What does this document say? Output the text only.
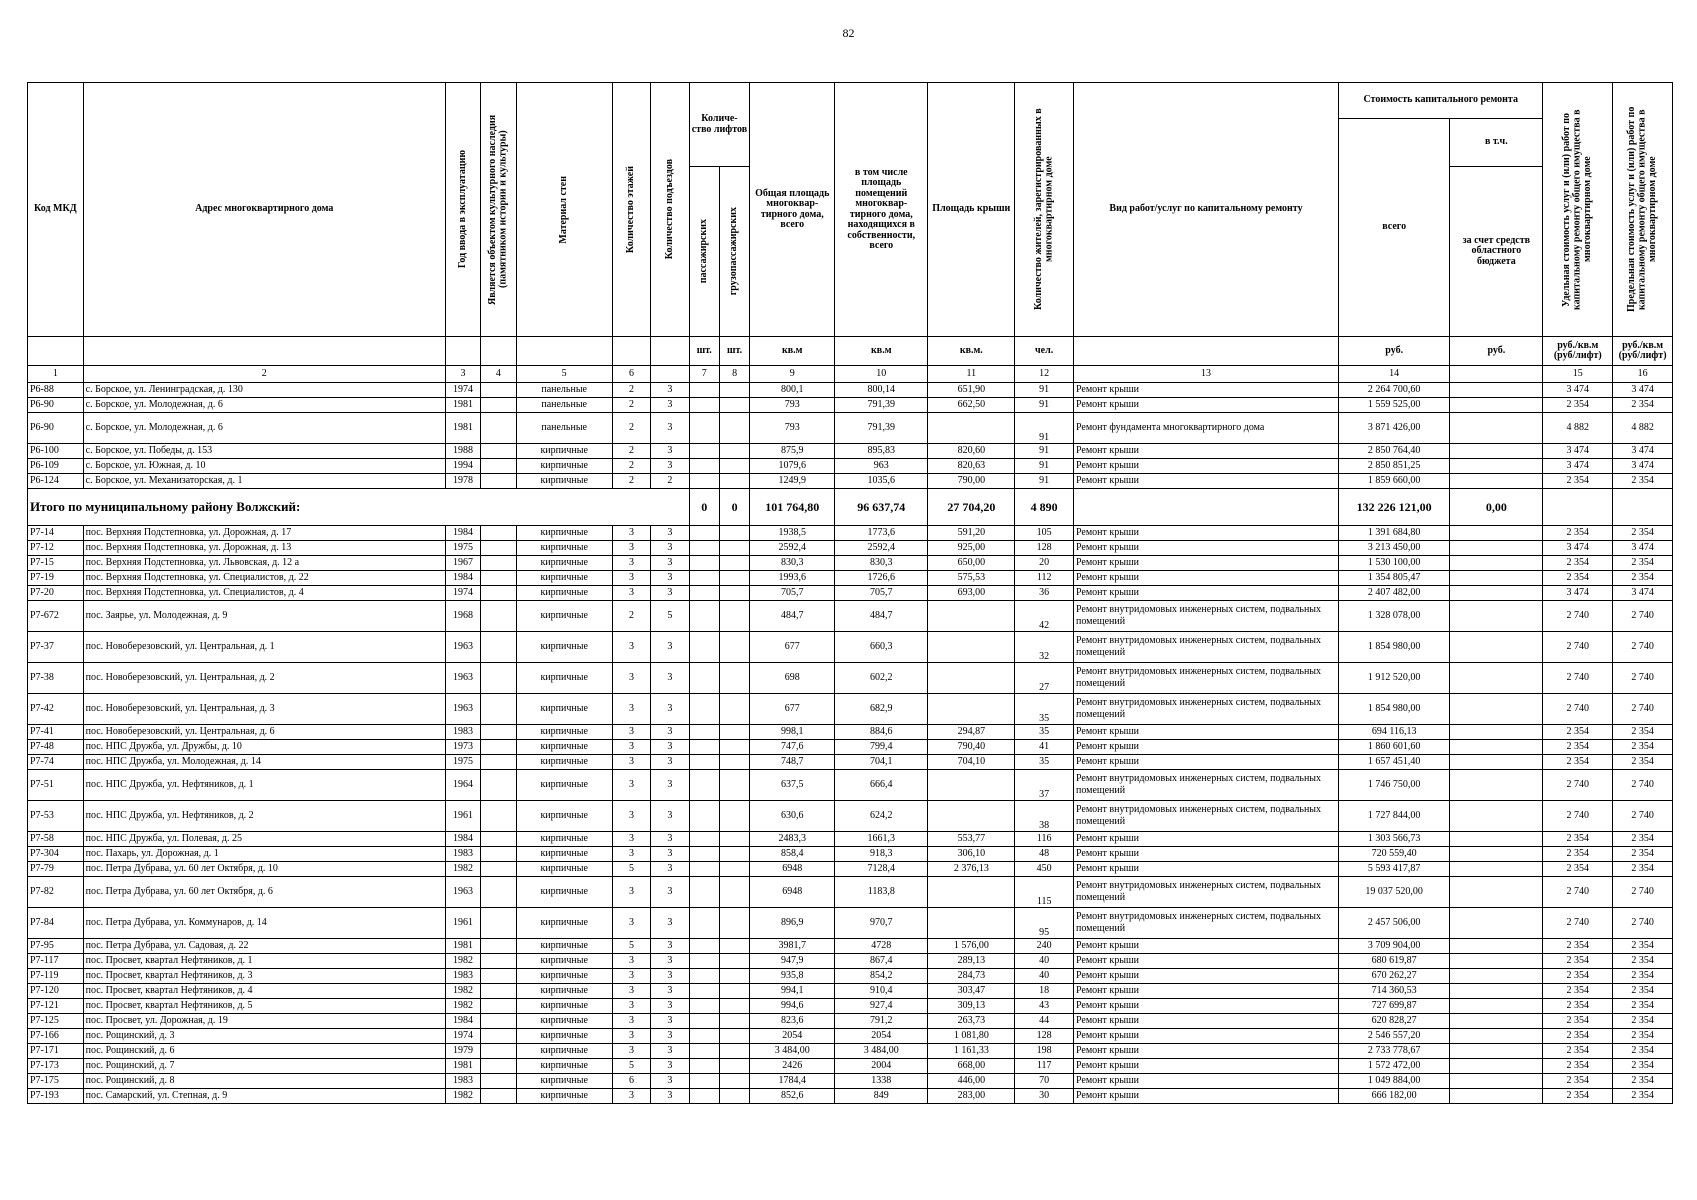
82
Код МКД	Адрес многоквартирного дома	Год ввода в эксплуатацию	Является объектом культурного наследия (памятником истории и культуры)	Материал стен	Количество этажей	Количество подъездов	Количе-ство лифтов		Общая площадь многоквар-тирного дома, всего	в том числе площадь помещений многоквар-тирного дома, находящихся в собственности, всего	Площадь крыши	Количество жителей, зарегистрированных в многоквартирном доме	Вид работ/услуг по капитальному ремонту	Стоимость капитального ремонта		Удельная стоимость услуг и (или) работ по капитальному ремонту общего имущества в многоквартирном доме	Предельная стоимость услуг и (или) работ по капитальному ремонту общего имущества в многоквартирном доме

														всего	в т.ч.		

							пассажирских	грузопассажирских							за счет средств областного бюджета		
							шт.	шт.	кв.м	кв.м	кв.м.	чел.		руб.	руб.	руб./кв.м (руб/лифт)	руб./кв.м (руб/лифт)
1	2	3	4	5	6		7	8	9	10	11	12	13	14		15	16
Р6-88	с. Борское, ул. Ленинградская, д. 130	1974		панельные	2	3			800,1	800,14	651,90	91	Ремонт крыши	2 264 700,60		3 474	3 474
Р6-90	с. Борское, ул. Молодежная, д. 6	1981		панельные	2	3			793	791,39	662,50	91	Ремонт крыши	1 559 525,00		2 354	2 354
Р6-90	с. Борское, ул. Молодежная, д. 6	1981		панельные	2	3			793	791,39		91	Ремонт фундамента многоквартирного дома	3 871 426,00		4 882	4 882
Р6-100	с. Борское, ул. Победы, д. 153	1988		кирпичные	2	3			875,9	895,83	820,60	91	Ремонт крыши	2 850 764,40		3 474	3 474
Р6-109	с. Борское, ул. Южная, д. 10	1994		кирпичные	2	3			1079,6	963	820,63	91	Ремонт крыши	2 850 851,25		3 474	3 474
Р6-124	с. Борское, ул. Механизаторская, д. 1	1978		кирпичные	2	2			1249,9	1035,6	790,00	91	Ремонт крыши	1 859 660,00		2 354	2 354
Итого по муниципальному району Волжский:							0	0	101 764,80	96 637,74	27 704,20	4 890		132 226 121,00	0,00		
Р7-14	пос. Верхняя Подстепновка, ул. Дорожная, д. 17	1984		кирпичные	3	3			1938,5	1773,6	591,20	105	Ремонт крыши	1 391 684,80		2 354	2 354
Р7-12	пос. Верхняя Подстепновка, ул. Дорожная, д. 13	1975		кирпичные	3	3			2592,4	2592,4	925,00	128	Ремонт крыши	3 213 450,00		3 474	3 474
Р7-15	пос. Верхняя Подстепновка, ул. Львовская, д. 12 а	1967		кирпичные	3	3			830,3	830,3	650,00	20	Ремонт крыши	1 530 100,00		2 354	2 354
Р7-19	пос. Верхняя Подстепновка, ул. Специалистов, д. 22	1984		кирпичные	3	3			1993,6	1726,6	575,53	112	Ремонт крыши	1 354 805,47		2 354	2 354
Р7-20	пос. Верхняя Подстепновка, ул. Специалистов, д. 4	1974		кирпичные	3	3			705,7	705,7	693,00	36	Ремонт крыши	2 407 482,00		3 474	3 474
Р7-672	пос. Заярье, ул. Молодежная, д. 9	1968		кирпичные	2	5			484,7	484,7		42	Ремонт внутридомовых инженерных систем, подвальных помещений	1 328 078,00		2 740	2 740
Р7-37	пос. Новоберезовский, ул. Центральная, д. 1	1963		кирпичные	3	3			677	660,3		32	Ремонт внутридомовых инженерных систем, подвальных помещений	1 854 980,00		2 740	2 740
Р7-38	пос. Новоберезовский, ул. Центральная, д. 2	1963		кирпичные	3	3			698	602,2		27	Ремонт внутридомовых инженерных систем, подвальных помещений	1 912 520,00		2 740	2 740
Р7-42	пос. Новоберезовский, ул. Центральная, д. 3	1963		кирпичные	3	3			677	682,9		35	Ремонт внутридомовых инженерных систем, подвальных помещений	1 854 980,00		2 740	2 740
Р7-41	пос. Новоберезовский, ул. Центральная, д. 6	1983		кирпичные	3	3			998,1	884,6	294,87	35	Ремонт крыши	694 116,13		2 354	2 354
Р7-48	пос. НПС Дружба, ул. Дружбы, д. 10	1973		кирпичные	3	3			747,6	799,4	790,40	41	Ремонт крыши	1 860 601,60		2 354	2 354
Р7-74	пос. НПС Дружба, ул. Молодежная, д. 14	1975		кирпичные	3	3			748,7	704,1	704,10	35	Ремонт крыши	1 657 451,40		2 354	2 354
Р7-51	пос. НПС Дружба, ул. Нефтяников, д. 1	1964		кирпичные	3	3			637,5	666,4		37	Ремонт внутридомовых инженерных систем, подвальных помещений	1 746 750,00		2 740	2 740
Р7-53	пос. НПС Дружба, ул. Нефтяников, д. 2	1961		кирпичные	3	3			630,6	624,2		38	Ремонт внутридомовых инженерных систем, подвальных помещений	1 727 844,00		2 740	2 740
Р7-58	пос. НПС Дружба, ул. Полевая, д. 25	1984		кирпичные	3	3			2483,3	1661,3	553,77	116	Ремонт крыши	1 303 566,73		2 354	2 354
Р7-304	пос. Пахарь, ул. Дорожная, д. 1	1983		кирпичные	3	3			858,4	918,3	306,10	48	Ремонт крыши	720 559,40		2 354	2 354
Р7-79	пос. Петра Дубрава, ул. 60 лет Октября, д. 10	1982		кирпичные	5	3			6948	7128,4	2 376,13	450	Ремонт крыши	5 593 417,87		2 354	2 354
Р7-82	пос. Петра Дубрава, ул. 60 лет Октября, д. 6	1963		кирпичные	3	3			6948	1183,8		115	Ремонт внутридомовых инженерных систем, подвальных помещений	19 037 520,00		2 740	2 740
Р7-84	пос. Петра Дубрава, ул. Коммунаров, д. 14	1961		кирпичные	3	3			896,9	970,7		95	Ремонт внутридомовых инженерных систем, подвальных помещений	2 457 506,00		2 740	2 740
Р7-95	пос. Петра Дубрава, ул. Садовая, д. 22	1981		кирпичные	5	3			3981,7	4728	1 576,00	240	Ремонт крыши	3 709 904,00		2 354	2 354
Р7-117	пос. Просвет, квартал Нефтяников, д. 1	1982		кирпичные	3	3			947,9	867,4	289,13	40	Ремонт крыши	680 619,87		2 354	2 354
Р7-119	пос. Просвет, квартал Нефтяников, д. 3	1983		кирпичные	3	3			935,8	854,2	284,73	40	Ремонт крыши	670 262,27		2 354	2 354
Р7-120	пос. Просвет, квартал Нефтяников, д. 4	1982		кирпичные	3	3			994,1	910,4	303,47	18	Ремонт крыши	714 360,53		2 354	2 354
Р7-121	пос. Просвет, квартал Нефтяников, д. 5	1982		кирпичные	3	3			994,6	927,4	309,13	43	Ремонт крыши	727 699,87		2 354	2 354
Р7-125	пос. Просвет, ул. Дорожная, д. 19	1984		кирпичные	3	3			823,6	791,2	263,73	44	Ремонт крыши	620 828,27		2 354	2 354
Р7-166	пос. Рощинский, д. 3	1974		кирпичные	3	3			2054	2054	1 081,80	128	Ремонт крыши	2 546 557,20		2 354	2 354
Р7-171	пос. Рощинский, д. 6	1979		кирпичные	3	3			3 484,00	3 484,00	1 161,33	198	Ремонт крыши	2 733 778,67		2 354	2 354
Р7-173	пос. Рощинский, д. 7	1981		кирпичные	5	3			2426	2004	668,00	117	Ремонт крыши	1 572 472,00		2 354	2 354
Р7-175	пос. Рощинский, д. 8	1983		кирпичные	6	3			1784,4	1338	446,00	70	Ремонт крыши	1 049 884,00		2 354	2 354
Р7-193	пос. Самарский, ул. Степная, д. 9	1982		кирпичные	3	3			852,6	849	283,00	30	Ремонт крыши	666 182,00		2 354	2 354
